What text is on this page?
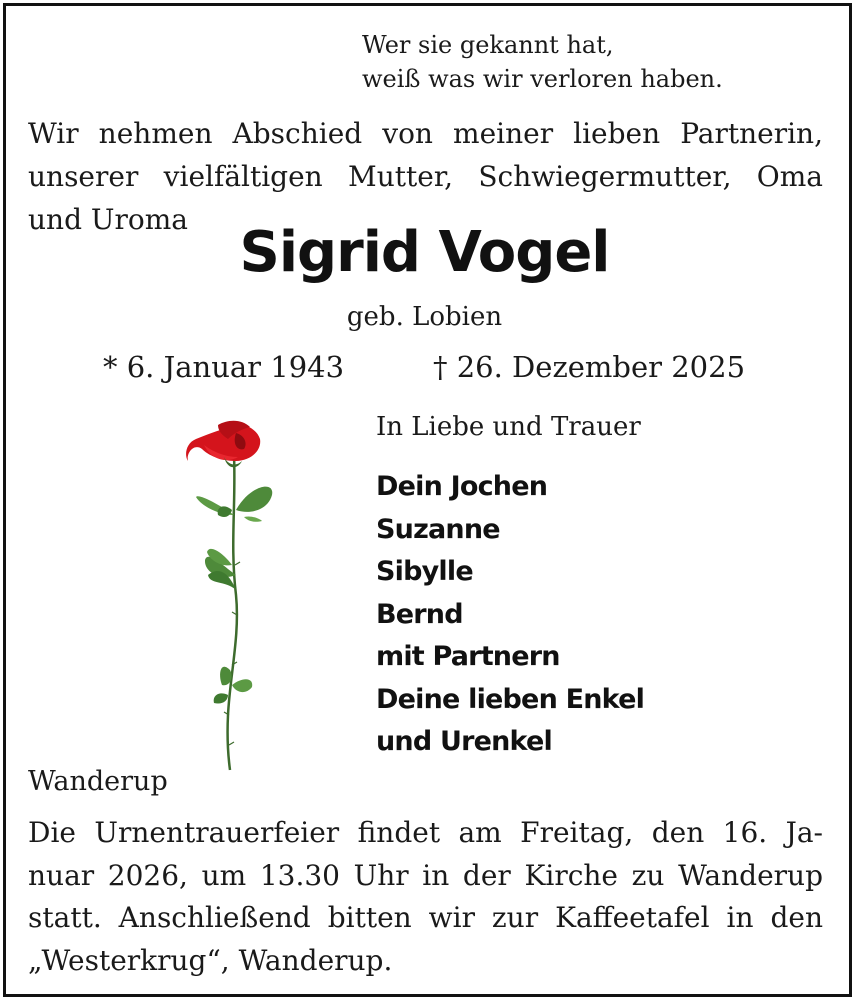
Wer sie gekannt hat,
weiß was wir verloren haben.
Wir nehmen Abschied von meiner lieben Partnerin,
unserer vielfältigen Mutter, Schwiegermutter, Oma
und Uroma
Sigrid Vogel
geb. Lobien
* 6. Januar 1943	† 26. Dezember 2025
In Liebe und Trauer
Dein Jochen
Suzanne
Sibylle
Bernd
mit Partnern
Deine lieben Enkel
und Urenkel
Wanderup
Die Urnentrauerfeier findet am Freitag, den 16. Ja-
nuar 2026, um 13.30 Uhr in der Kirche zu Wanderup
statt. Anschließend bitten wir zur Kaffeetafel in den
„Westerkrug“, Wanderup.
